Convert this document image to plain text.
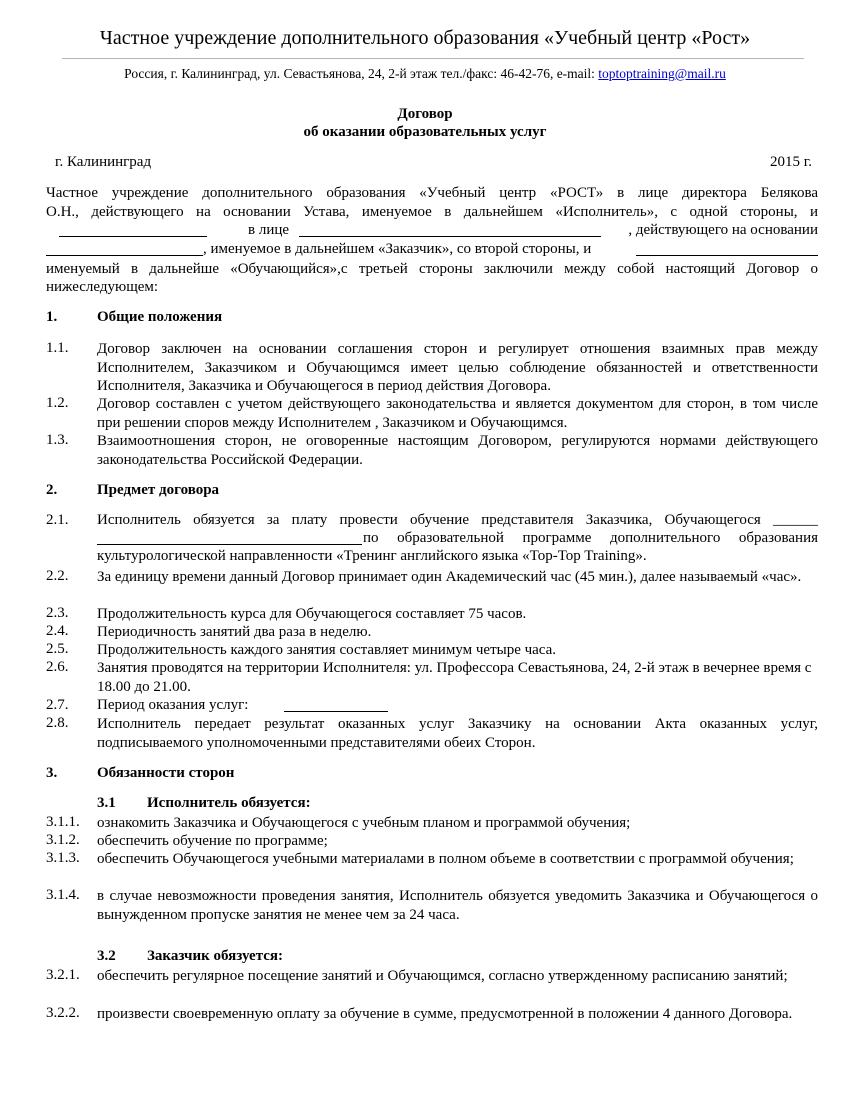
Частное учреждение дополнительного образования «Учебный центр «Рост»
Россия, г. Калининград, ул. Севастьянова, 24, 2-й этаж тел./факс: 46-42-76, e-mail: toptoptraining@mail.ru
Договор
об оказании образовательных услуг
г. Калининград	2015 г.
Частное учреждение дополнительного образования «Учебный центр «РОСТ» в лице директора Белякова
О.Н., действующего на основании Устава, именуемое в дальнейшем «Исполнитель», с одной стороны, и
в лице	, действующего на основании
, именуемое в дальнейшем «Заказчик», со второй стороны, и
именуемый в дальнейше «Обучающийся»,с третьей стороны заключили между собой настоящий Договор о
нижеследующем:
1.	Общие положения
1.1. Договор заключен на основании соглашения сторон и регулирует отношения взаимных прав между Исполнителем, Заказчиком и Обучающимся имеет целью соблюдение обязанностей и ответственности Исполнителя, Заказчика и Обучающегося в период действия Договора.
1.2. Договор составлен с учетом действующего законодательства и является документом для сторон, в том числе при решении споров между Исполнителем , Заказчиком и Обучающимся.
1.3. Взаимоотношения сторон, не оговоренные настоящим Договором, регулируются нормами действующего законодательства Российской Федерации.
2.	Предмет договора
2.1. Исполнитель обязуется за плату провести обучение представителя Заказчика, Обучающегося ______
по образовательной программе дополнительного образования
культурологической направленности «Тренинг английского языка «Top-Top Training».
2.2. За единицу времени данный Договор принимает один Академический час (45 мин.), далее называемый «час».
2.3. Продолжительность курса для Обучающегося составляет 75 часов.
2.4. Периодичность занятий два раза в неделю.
2.5. Продолжительность каждого занятия составляет минимум четыре часа.
2.6. Занятия проводятся на территории Исполнителя: ул. Профессора Севастьянова, 24, 2-й этаж в вечернее время с 18.00 до 21.00.
2.7. Период оказания услуг:
2.8. Исполнитель передает результат оказанных услуг Заказчику на основании Акта оказанных услуг, подписываемого уполномоченными представителями обеих Сторон.
3.	Обязанности сторон
3.1 Исполнитель обязуется:
3.1.1. ознакомить Заказчика и Обучающегося с учебным планом и программой обучения;
3.1.2. обеспечить обучение по программе;
3.1.3. обеспечить Обучающегося учебными материалами в полном объеме в соответствии с программой обучения;
3.1.4. в случае невозможности проведения занятия, Исполнитель обязуется уведомить Заказчика и Обучающегося о вынужденном пропуске занятия не менее чем за 24 часа.
3.2 Заказчик обязуется:
3.2.1. обеспечить регулярное посещение занятий и Обучающимся, согласно утвержденному расписанию занятий;
3.2.2. произвести своевременную оплату за обучение в сумме, предусмотренной в положении 4 данного Договора.
